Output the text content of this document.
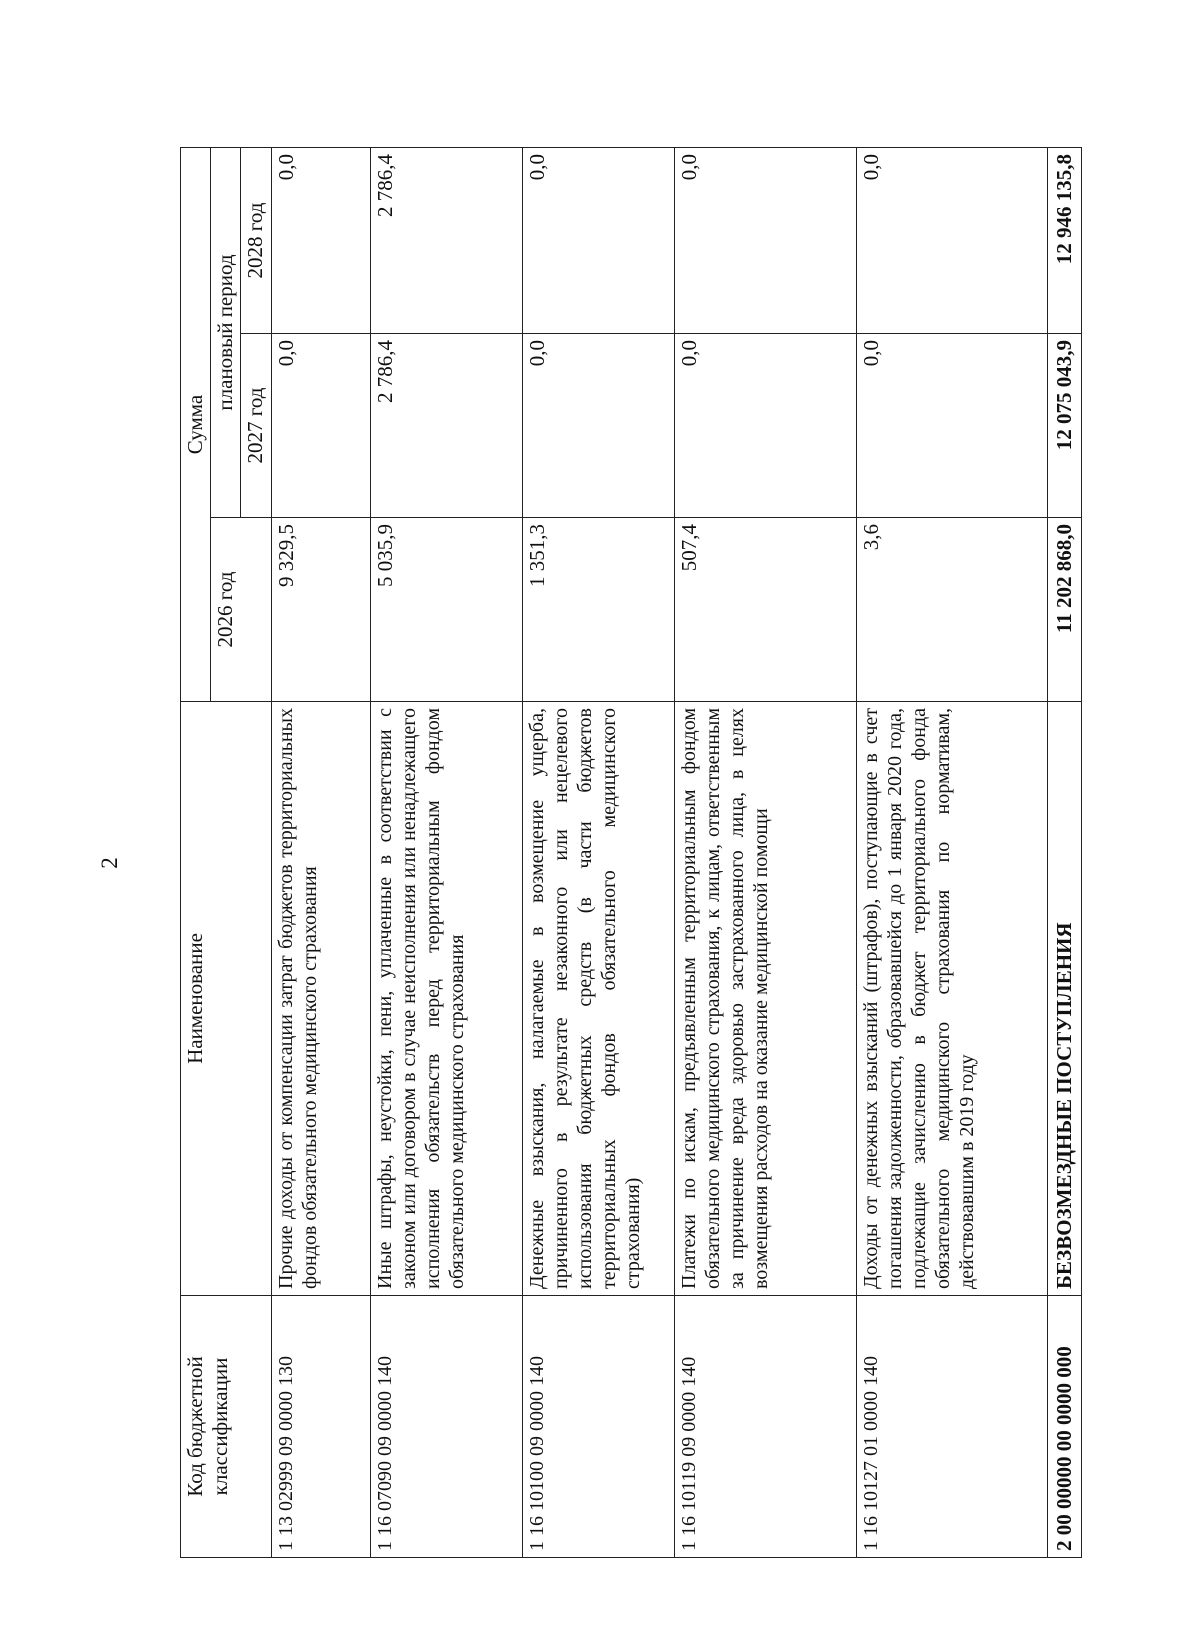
2
Код бюджетной классификации	Наименование	Сумма		
		2026 год	плановый период	
			2027 год	2028 год
1 13 02999 09 0000 130	Прочие доходы от компенсации затрат бюджетов территориальных фондов обязательного медицинского страхования	9 329,5	0,0	0,0
1 16 07090 09 0000 140	Иные штрафы, неустойки, пени, уплаченные в соответствии с законом или договором в случае неисполнения или ненадлежащего исполнения обязательств перед территориальным фондом обязательного медицинского страхования	5 035,9	2 786,4	2 786,4
1 16 10100 09 0000 140	Денежные взыскания, налагаемые в возмещение ущерба, причиненного в результате незаконного или нецелевого использования бюджетных средств (в части бюджетов территориальных фондов обязательного медицинского страхования)	1 351,3	0,0	0,0
1 16 10119 09 0000 140	Платежи по искам, предъявленным территориальным фондом обязательного медицинского страхования, к лицам, ответственным за причинение вреда здоровью застрахованного лица, в целях возмещения расходов на оказание медицинской помощи	507,4	0,0	0,0
1 16 10127 01 0000 140	Доходы от денежных взысканий (штрафов), поступающие в счет погашения задолженности, образовавшейся до 1 января 2020 года, подлежащие зачислению в бюджет территориального фонда обязательного медицинского страхования по нормативам, действовавшим в 2019 году	3,6	0,0	0,0
2 00 00000 00 0000 000	БЕЗВОЗМЕЗДНЫЕ ПОСТУПЛЕНИЯ	11 202 868,0	12 075 043,9	12 946 135,8
